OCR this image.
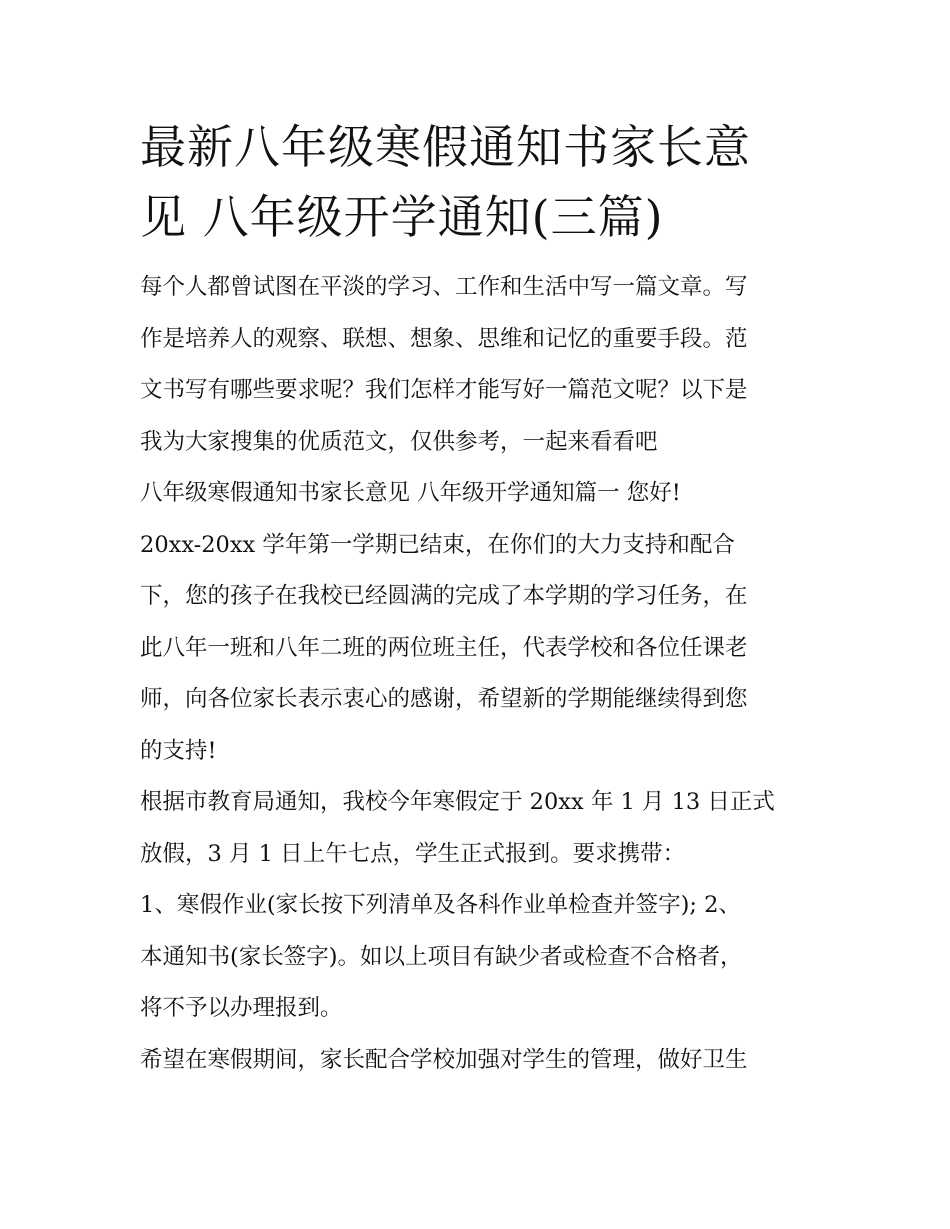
最新八年级寒假通知书家长意
见 八年级开学通知(三篇)

每个人都曾试图在平淡的学习、工作和生活中写一篇文章。写
作是培养人的观察、联想、想象、思维和记忆的重要手段。范
文书写有哪些要求呢？我们怎样才能写好一篇范文呢？以下是
我为大家搜集的优质范文，仅供参考，一起来看看吧

八年级寒假通知书家长意见 八年级开学通知篇一 您好!

20xx-20xx 学年第一学期已结束，在你们的大力支持和配合
下，您的孩子在我校已经圆满的完成了本学期的学习任务，在
此八年一班和八年二班的两位班主任，代表学校和各位任课老
师，向各位家长表示衷心的感谢，希望新的学期能继续得到您
的支持!

根据市教育局通知，我校今年寒假定于 20xx 年 1 月 13 日正式
放假，3 月 1 日上午七点，学生正式报到。要求携带：

1、寒假作业(家长按下列清单及各科作业单检查并签字); 2、
本通知书(家长签字)。如以上项目有缺少者或检查不合格者，
将不予以办理报到。

希望在寒假期间，家长配合学校加强对学生的管理，做好卫生
